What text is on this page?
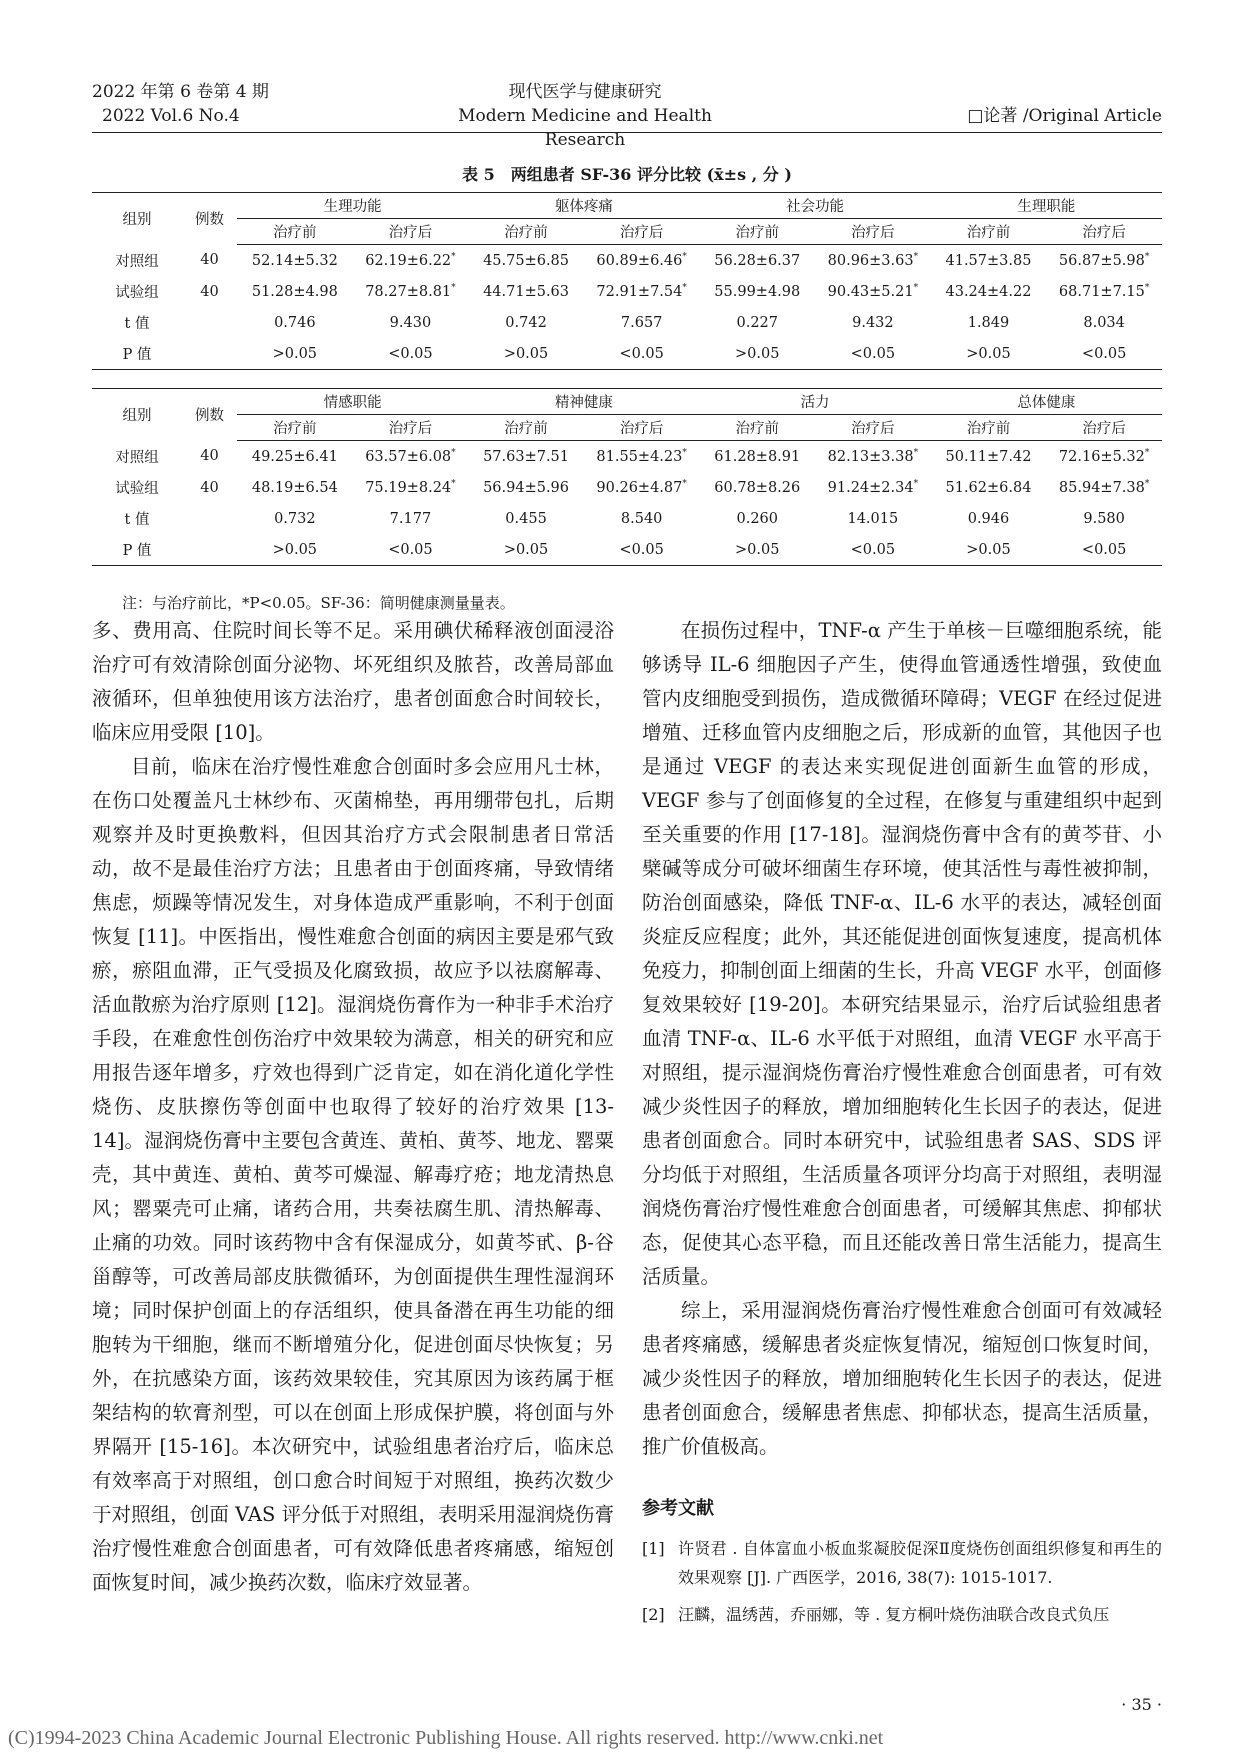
2022 年第 6 卷第 4 期
2022 Vol.6 No.4
现代医学与健康研究
Modern Medicine and Health Research
□论著 /Original Article
表 5　两组患者 SF-36 评分比较 (x̄±s , 分 )
组别	例数	生理功能		躯体疼痛		社会功能		生理职能	
		治疗前	治疗后	治疗前	治疗后	治疗前	治疗后	治疗前	治疗后
对照组	40	52.14±5.32	62.19±6.22*	45.75±6.85	60.89±6.46*	56.28±6.37	80.96±3.63*	41.57±3.85	56.87±5.98*
试验组	40	51.28±4.98	78.27±8.81*	44.71±5.63	72.91±7.54*	55.99±4.98	90.43±5.21*	43.24±4.22	68.71±7.15*
t 值		0.746	9.430	0.742	7.657	0.227	9.432	1.849	8.034
P 值		>0.05	<0.05	>0.05	<0.05	>0.05	<0.05	>0.05	<0.05
组别	例数	情感职能		精神健康		活力		总体健康	
		治疗前	治疗后	治疗前	治疗后	治疗前	治疗后	治疗前	治疗后
对照组	40	49.25±6.41	63.57±6.08*	57.63±7.51	81.55±4.23*	61.28±8.91	82.13±3.38*	50.11±7.42	72.16±5.32*
试验组	40	48.19±6.54	75.19±8.24*	56.94±5.96	90.26±4.87*	60.78±8.26	91.24±2.34*	51.62±6.84	85.94±7.38*
t 值		0.732	7.177	0.455	8.540	0.260	14.015	0.946	9.580
P 值		>0.05	<0.05	>0.05	<0.05	>0.05	<0.05	>0.05	<0.05
注：与治疗前比，*P<0.05。SF-36：简明健康测量量表。

多、费用高、住院时间长等不足。采用碘伏稀释液创面浸浴治疗可有效清除创面分泌物、坏死组织及脓苔，改善局部血液循环，但单独使用该方法治疗，患者创面愈合时间较长，临床应用受限 [10]。

目前，临床在治疗慢性难愈合创面时多会应用凡士林，在伤口处覆盖凡士林纱布、灭菌棉垫，再用绷带包扎，后期观察并及时更换敷料，但因其治疗方式会限制患者日常活动，故不是最佳治疗方法；且患者由于创面疼痛，导致情绪焦虑，烦躁等情况发生，对身体造成严重影响，不利于创面恢复 [11]。中医指出，慢性难愈合创面的病因主要是邪气致瘀，瘀阻血滞，正气受损及化腐致损，故应予以祛腐解毒、活血散瘀为治疗原则 [12]。湿润烧伤膏作为一种非手术治疗手段，在难愈性创伤治疗中效果较为满意，相关的研究和应用报告逐年增多，疗效也得到广泛肯定，如在消化道化学性烧伤、皮肤擦伤等创面中也取得了较好的治疗效果 [13-14]。湿润烧伤膏中主要包含黄连、黄柏、黄芩、地龙、罂粟壳，其中黄连、黄柏、黄芩可燥湿、解毒疗疮；地龙清热息风；罂粟壳可止痛，诸药合用，共奏祛腐生肌、清热解毒、止痛的功效。同时该药物中含有保湿成分，如黄芩甙、β-谷甾醇等，可改善局部皮肤微循环，为创面提供生理性湿润环境；同时保护创面上的存活组织，使具备潜在再生功能的细胞转为干细胞，继而不断增殖分化，促进创面尽快恢复；另外，在抗感染方面，该药效果较佳，究其原因为该药属于框架结构的软膏剂型，可以在创面上形成保护膜，将创面与外界隔开 [15-16]。本次研究中，试验组患者治疗后，临床总有效率高于对照组，创口愈合时间短于对照组，换药次数少于对照组，创面 VAS 评分低于对照组，表明采用湿润烧伤膏治疗慢性难愈合创面患者，可有效降低患者疼痛感，缩短创面恢复时间，减少换药次数，临床疗效显著。

在损伤过程中，TNF-α 产生于单核－巨噬细胞系统，能够诱导 IL-6 细胞因子产生，使得血管通透性增强，致使血管内皮细胞受到损伤，造成微循环障碍；VEGF 在经过促进增殖、迁移血管内皮细胞之后，形成新的血管，其他因子也是通过 VEGF 的表达来实现促进创面新生血管的形成，VEGF 参与了创面修复的全过程，在修复与重建组织中起到至关重要的作用 [17-18]。湿润烧伤膏中含有的黄芩苷、小檗碱等成分可破坏细菌生存环境，使其活性与毒性被抑制，防治创面感染，降低 TNF-α、IL-6 水平的表达，减轻创面炎症反应程度；此外，其还能促进创面恢复速度，提高机体免疫力，抑制创面上细菌的生长，升高 VEGF 水平，创面修复效果较好 [19-20]。本研究结果显示，治疗后试验组患者血清 TNF-α、IL-6 水平低于对照组，血清 VEGF 水平高于对照组，提示湿润烧伤膏治疗慢性难愈合创面患者，可有效减少炎性因子的释放，增加细胞转化生长因子的表达，促进患者创面愈合。同时本研究中，试验组患者 SAS、SDS 评分均低于对照组，生活质量各项评分均高于对照组，表明湿润烧伤膏治疗慢性难愈合创面患者，可缓解其焦虑、抑郁状态，促使其心态平稳，而且还能改善日常生活能力，提高生活质量。

综上，采用湿润烧伤膏治疗慢性难愈合创面可有效减轻患者疼痛感，缓解患者炎症恢复情况，缩短创口恢复时间，减少炎性因子的释放，增加细胞转化生长因子的表达，促进患者创面愈合，缓解患者焦虑、抑郁状态，提高生活质量，推广价值极高。

参考文献
[1] 许贤君 . 自体富血小板血浆凝胶促深Ⅱ度烧伤创面组织修复和再生的效果观察 [J]. 广西医学，2016, 38(7): 1015-1017.
[2] 汪麟，温绣茜，乔丽娜，等 . 复方桐叶烧伤油联合改良式负压
· 35 ·
(C)1994-2023 China Academic Journal Electronic Publishing House. All rights reserved. http://www.cnki.net
